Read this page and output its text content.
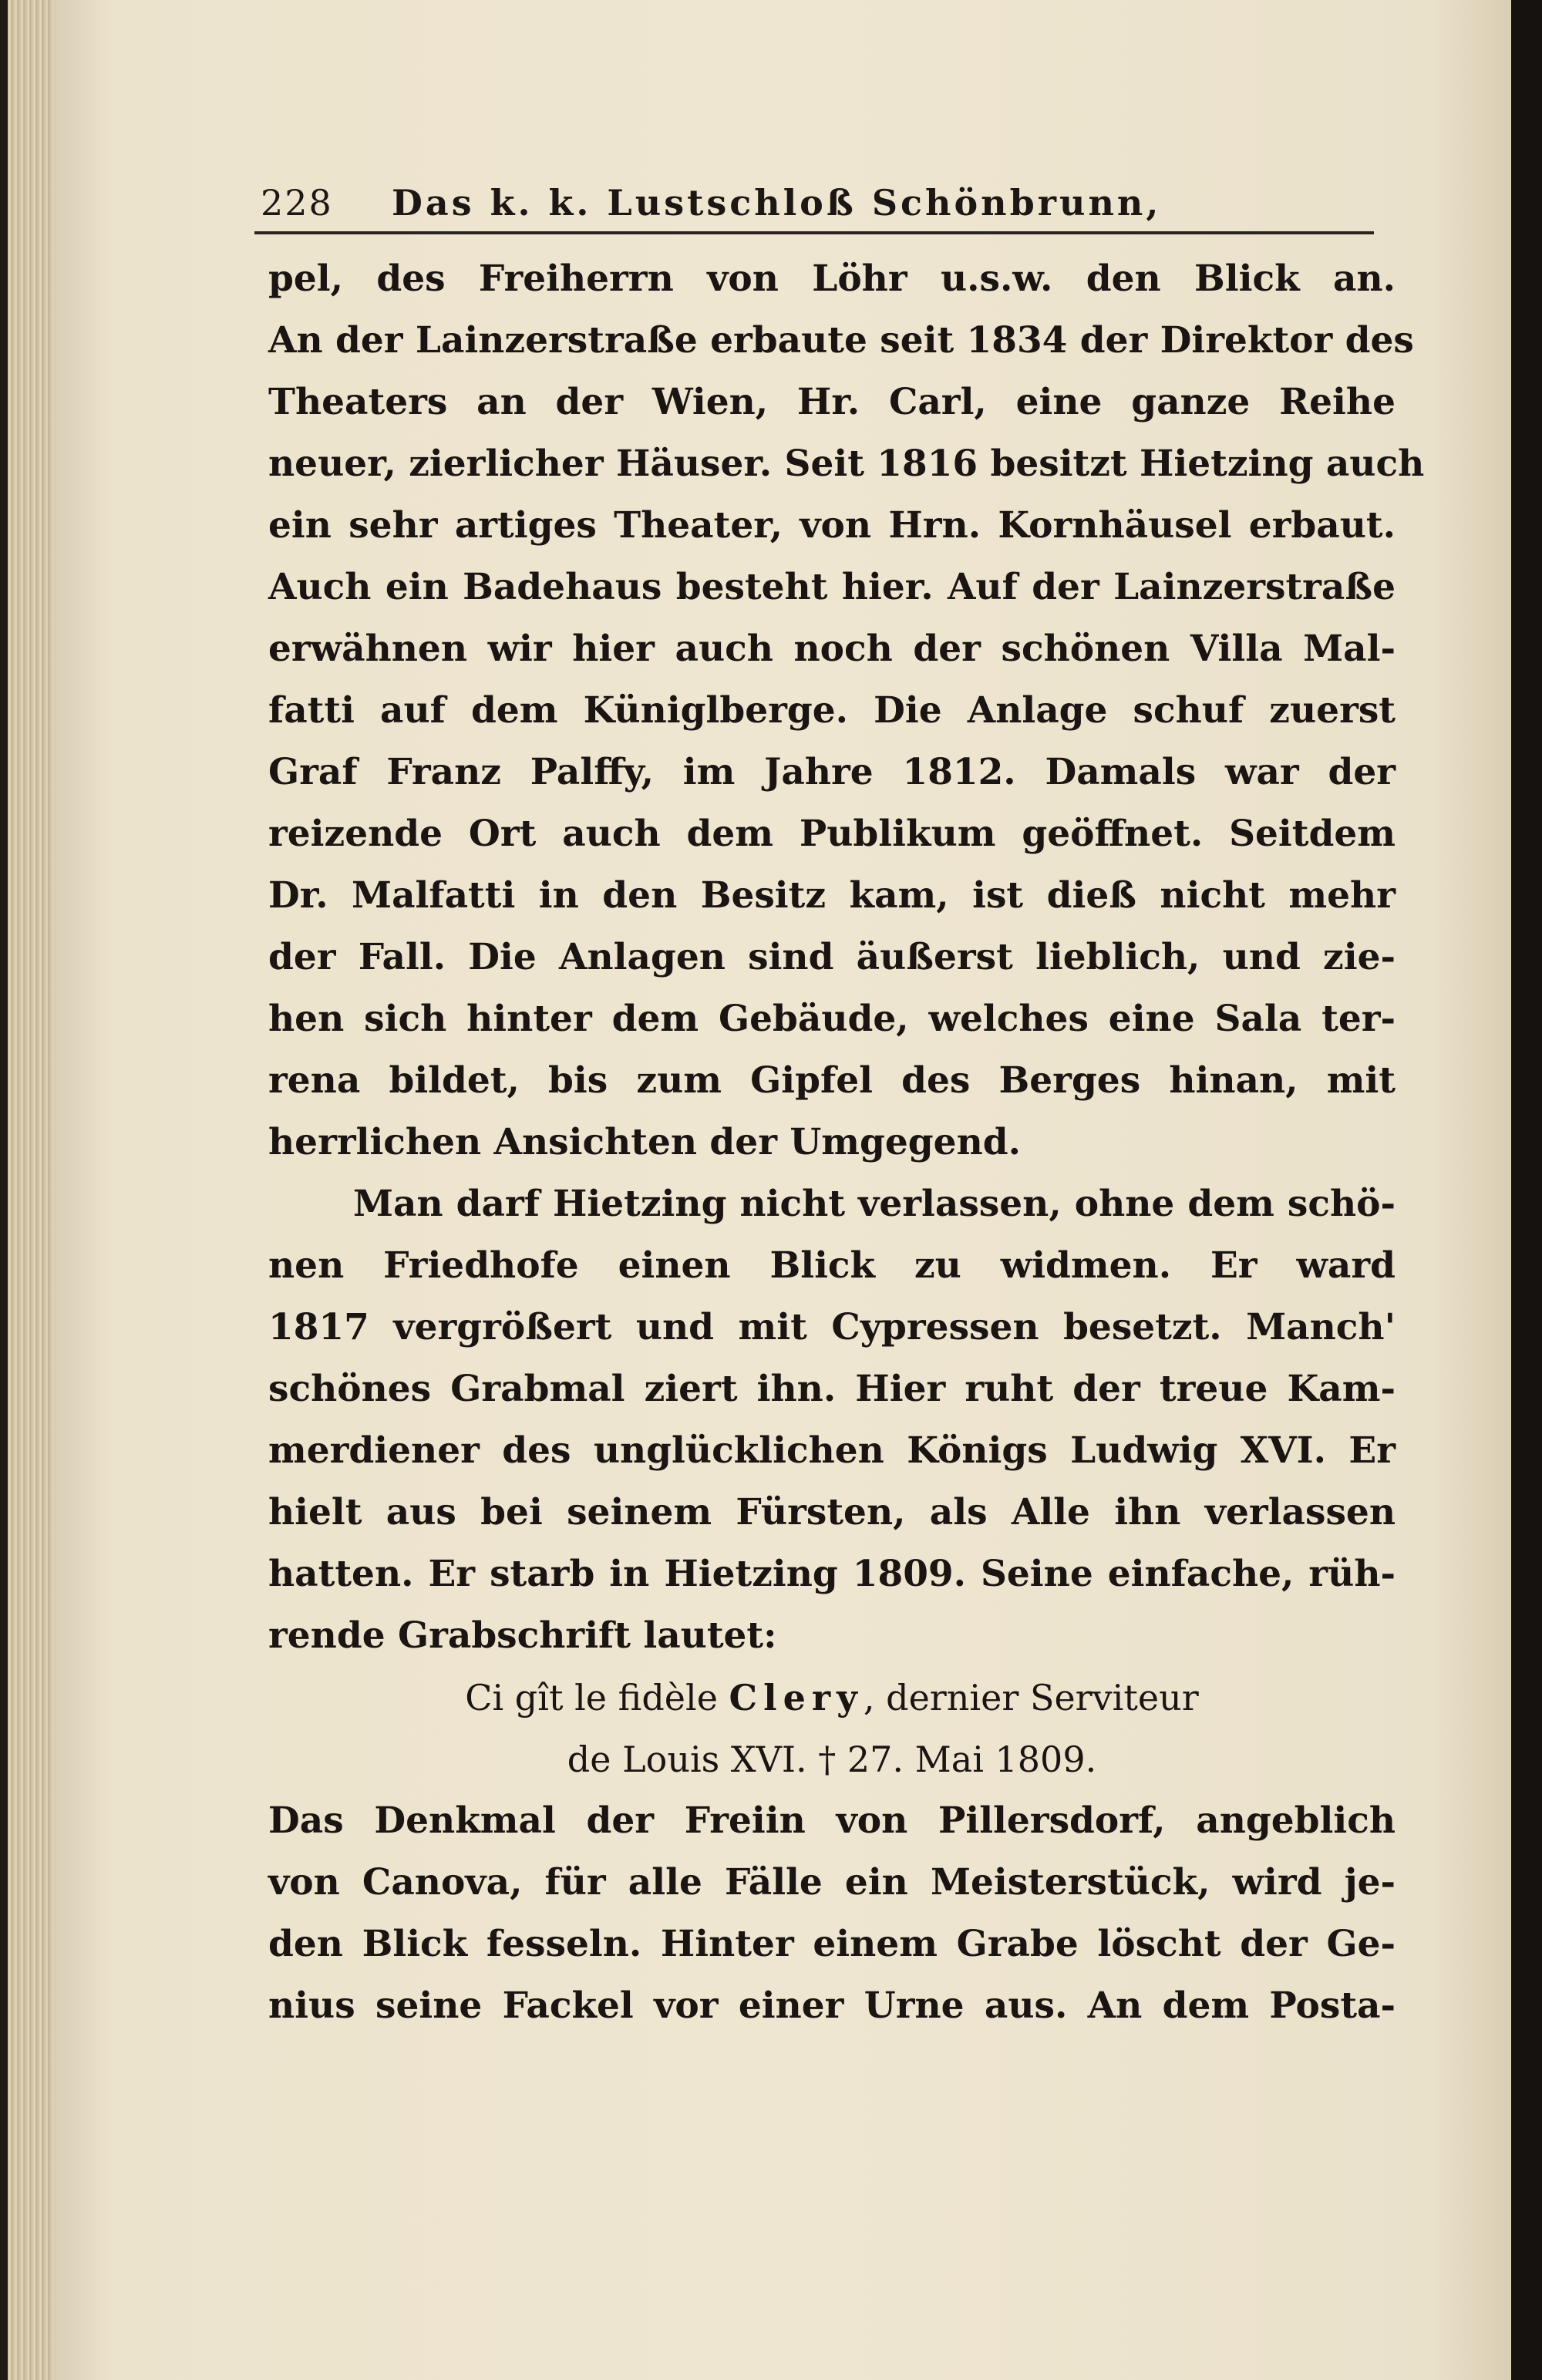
228	Das k. k. Lustschloß Schönbrunn,
pel, des Freiherrn von Löhr u.s.w. den Blick an.
An der Lainzerstraße erbaute seit 1834 der Direktor des
Theaters an der Wien, Hr. Carl, eine ganze Reihe
neuer, zierlicher Häuser. Seit 1816 besitzt Hietzing auch
ein sehr artiges Theater, von Hrn. Kornhäusel erbaut.
Auch ein Badehaus besteht hier. Auf der Lainzerstraße
erwähnen wir hier auch noch der schönen Villa Mal-
fatti auf dem Küniglberge. Die Anlage schuf zuerst
Graf Franz Palffy, im Jahre 1812. Damals war der
reizende Ort auch dem Publikum geöffnet. Seitdem
Dr. Malfatti in den Besitz kam, ist dieß nicht mehr
der Fall. Die Anlagen sind äußerst lieblich, und zie-
hen sich hinter dem Gebäude, welches eine Sala ter-
rena bildet, bis zum Gipfel des Berges hinan, mit
herrlichen Ansichten der Umgegend.
Man darf Hietzing nicht verlassen, ohne dem schö-
nen Friedhofe einen Blick zu widmen. Er ward
1817 vergrößert und mit Cypressen besetzt. Manch'
schönes Grabmal ziert ihn. Hier ruht der treue Kam-
merdiener des unglücklichen Königs Ludwig XVI. Er
hielt aus bei seinem Fürsten, als Alle ihn verlassen
hatten. Er starb in Hietzing 1809. Seine einfache, rüh-
rende Grabschrift lautet:
Ci gît le fidèle Clery, dernier Serviteur
de Louis XVI. † 27. Mai 1809.
Das Denkmal der Freiin von Pillersdorf, angeblich
von Canova, für alle Fälle ein Meisterstück, wird je-
den Blick fesseln. Hinter einem Grabe löscht der Ge-
nius seine Fackel vor einer Urne aus. An dem Posta-
